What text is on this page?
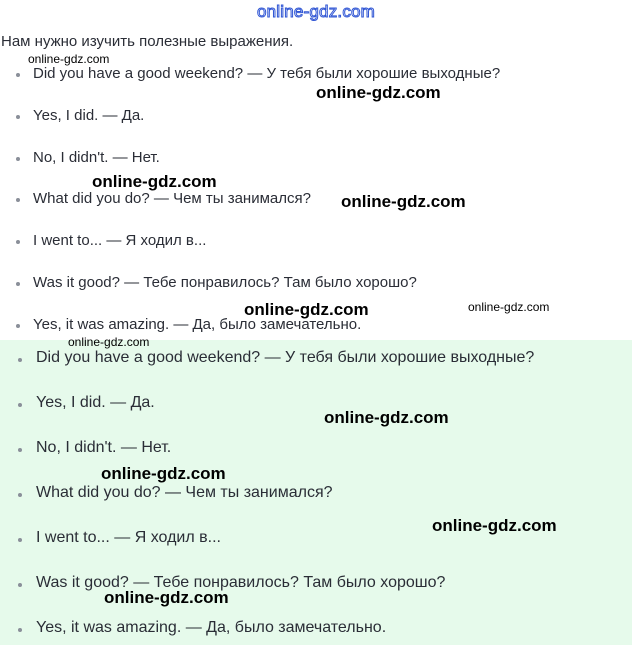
online-gdz.com
Нам нужно изучить полезные выражения.
Did you have a good weekend? — У тебя были хорошие выходные?
Yes, I did. — Да.
No, I didn't. — Нет.
What did you do? — Чем ты занимался?
I went to... — Я ходил в...
Was it good? — Тебе понравилось? Там было хорошо?
Yes, it was amazing. — Да, было замечательно.
Did you have a good weekend? — У тебя были хорошие выходные?
Yes, I did. — Да.
No, I didn't. — Нет.
What did you do? — Чем ты занимался?
I went to... — Я ходил в...
Was it good? — Тебе понравилось? Там было хорошо?
Yes, it was amazing. — Да, было замечательно.
online-gdz.com
online-gdz.com
online-gdz.com
online-gdz.com
online-gdz.com	online-gdz.com
online-gdz.com
online-gdz.com
online-gdz.com
online-gdz.com
online-gdz.com
